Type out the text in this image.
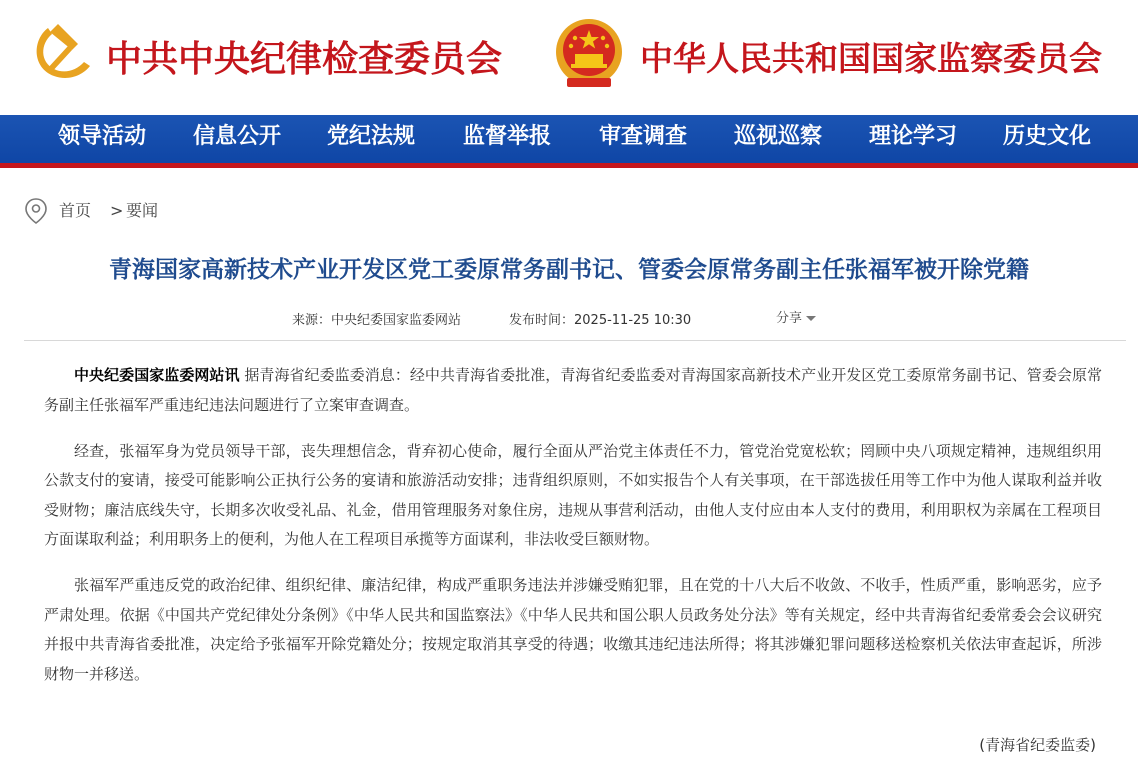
中共中央纪律检查委员会	中华人民共和国国家监察委员会
领导活动	信息公开	党纪法规	监督举报	审查调查	巡视巡察	理论学习	历史文化
首页 > 要闻
青海国家高新技术产业开发区党工委原常务副书记、管委会原常务副主任张福军被开除党籍
来源：中央纪委国家监委网站	发布时间：2025-11-25 10:30	分享

中央纪委国家监委网站讯 据青海省纪委监委消息：经中共青海省委批准，青海省纪委监委对青海国家高新技术产业开发区党工委原常务副书记、管委会原常务副主任张福军严重违纪违法问题进行了立案审查调查。

经查，张福军身为党员领导干部，丧失理想信念，背弃初心使命，履行全面从严治党主体责任不力，管党治党宽松软；罔顾中央八项规定精神，违规组织用公款支付的宴请，接受可能影响公正执行公务的宴请和旅游活动安排；违背组织原则，不如实报告个人有关事项，在干部选拔任用等工作中为他人谋取利益并收受财物；廉洁底线失守，长期多次收受礼品、礼金，借用管理服务对象住房，违规从事营利活动，由他人支付应由本人支付的费用，利用职权为亲属在工程项目方面谋取利益；利用职务上的便利，为他人在工程项目承揽等方面谋利，非法收受巨额财物。

张福军严重违反党的政治纪律、组织纪律、廉洁纪律，构成严重职务违法并涉嫌受贿犯罪，且在党的十八大后不收敛、不收手，性质严重，影响恶劣，应予严肃处理。依据《中国共产党纪律处分条例》《中华人民共和国监察法》《中华人民共和国公职人员政务处分法》等有关规定，经中共青海省纪委常委会会议研究并报中共青海省委批准，决定给予张福军开除党籍处分；按规定取消其享受的待遇；收缴其违纪违法所得；将其涉嫌犯罪问题移送检察机关依法审查起诉，所涉财物一并移送。

(青海省纪委监委)
